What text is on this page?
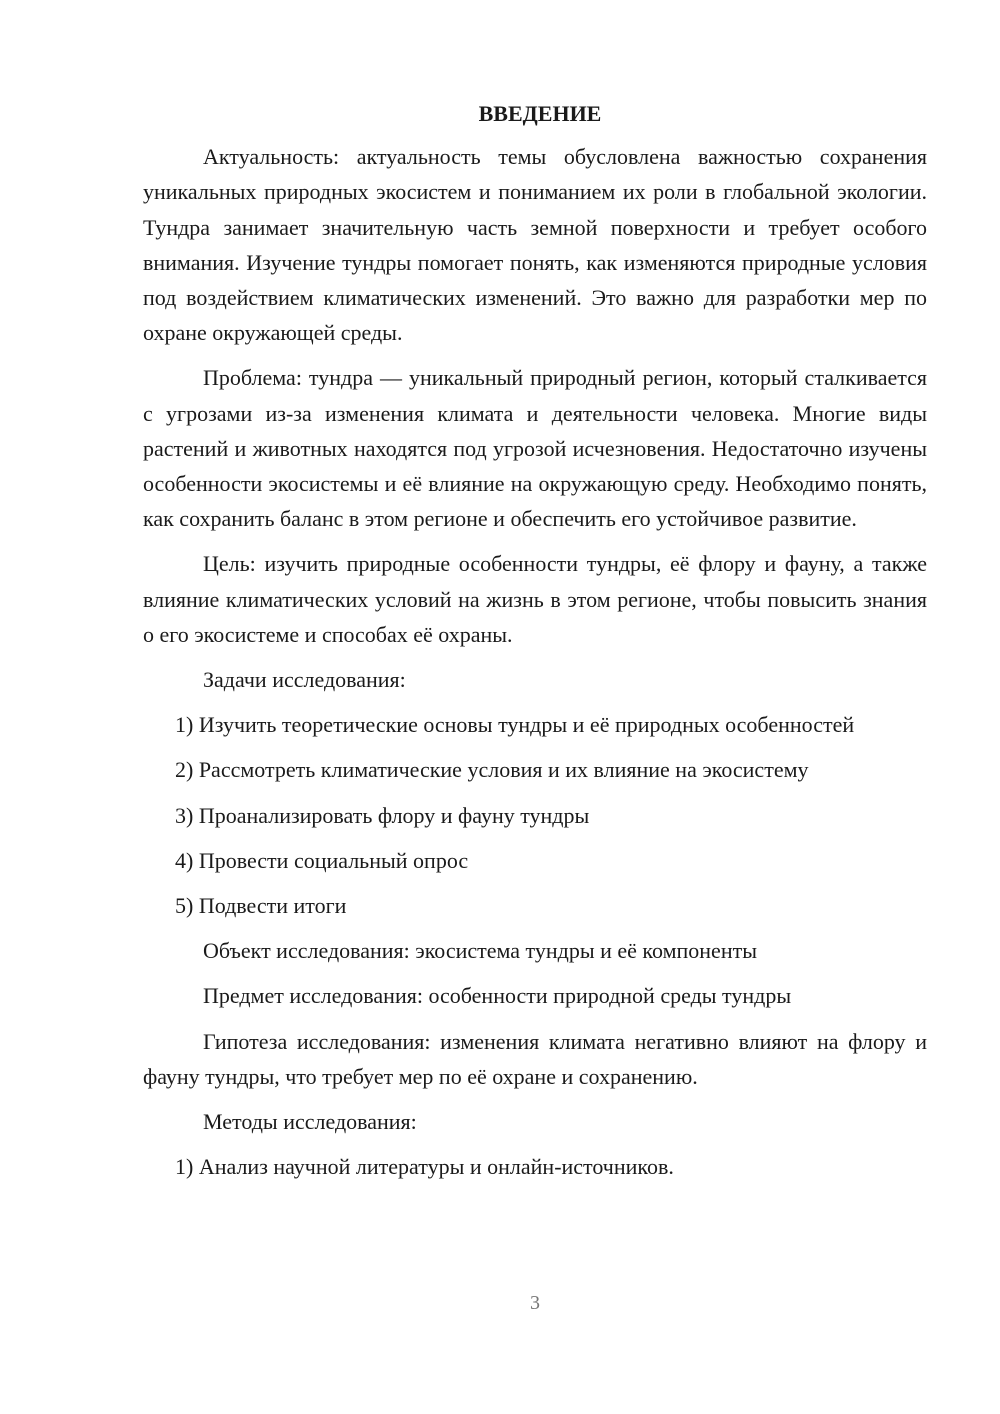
ВВЕДЕНИЕ
Актуальность: актуальность темы обусловлена важностью сохранения уникальных природных экосистем и пониманием их роли в глобальной экологии. Тундра занимает значительную часть земной поверхности и требует особого внимания. Изучение тундры помогает понять, как изменяются природные условия под воздействием климатических изменений. Это важно для разработки мер по охране окружающей среды.
Проблема: тундра — уникальный природный регион, который сталкивается с угрозами из-за изменения климата и деятельности человека. Многие виды растений и животных находятся под угрозой исчезновения. Недостаточно изучены особенности экосистемы и её влияние на окружающую среду. Необходимо понять, как сохранить баланс в этом регионе и обеспечить его устойчивое развитие.
Цель: изучить природные особенности тундры, её флору и фауну, а также влияние климатических условий на жизнь в этом регионе, чтобы повысить знания о его экосистеме и способах её охраны.
Задачи исследования:
1) Изучить теоретические основы тундры и её природных особенностей
2) Рассмотреть климатические условия и их влияние на экосистему
3) Проанализировать флору и фауну тундры
4) Провести социальный опрос
5) Подвести итоги
Объект исследования: экосистема тундры и её компоненты
Предмет исследования: особенности природной среды тундры
Гипотеза исследования: изменения климата негативно влияют на флору и фауну тундры, что требует мер по её охране и сохранению.
Методы исследования:
1) Анализ научной литературы и онлайн-источников.
3
